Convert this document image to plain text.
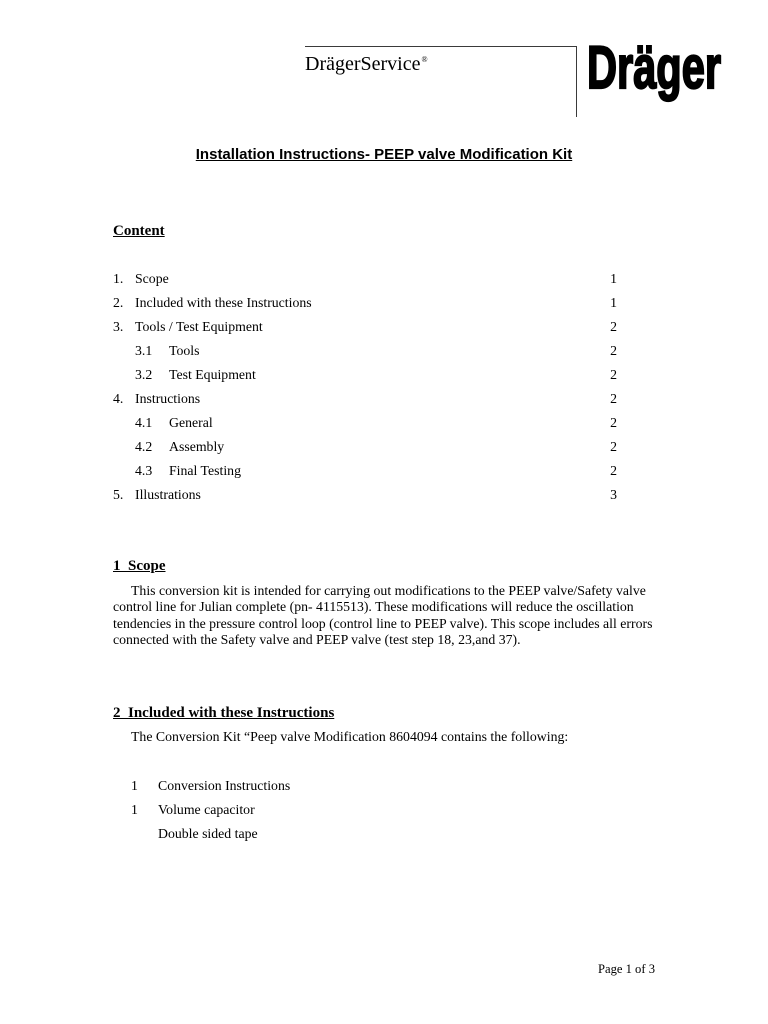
DrägerService®	Dräger
Installation Instructions- PEEP valve Modification Kit
Content
1. Scope	1
2. Included with these Instructions	1
3. Tools / Test Equipment	2
3.1 Tools	2
3.2 Test Equipment	2
4. Instructions	2
4.1 General	2
4.2 Assembly	2
4.3 Final Testing	2
5. Illustrations	3
1 Scope
This conversion kit is intended for carrying out modifications to the PEEP valve/Safety valve control line for Julian complete (pn- 4115513). These modifications will reduce the oscillation tendencies in the pressure control loop (control line to PEEP valve). This scope includes all errors connected with the Safety valve and PEEP valve (test step 18, 23,and 37).
2 Included with these Instructions
The Conversion Kit “Peep valve Modification 8604094 contains the following:
1 Conversion Instructions
1 Volume capacitor
Double sided tape
Page 1 of 3
